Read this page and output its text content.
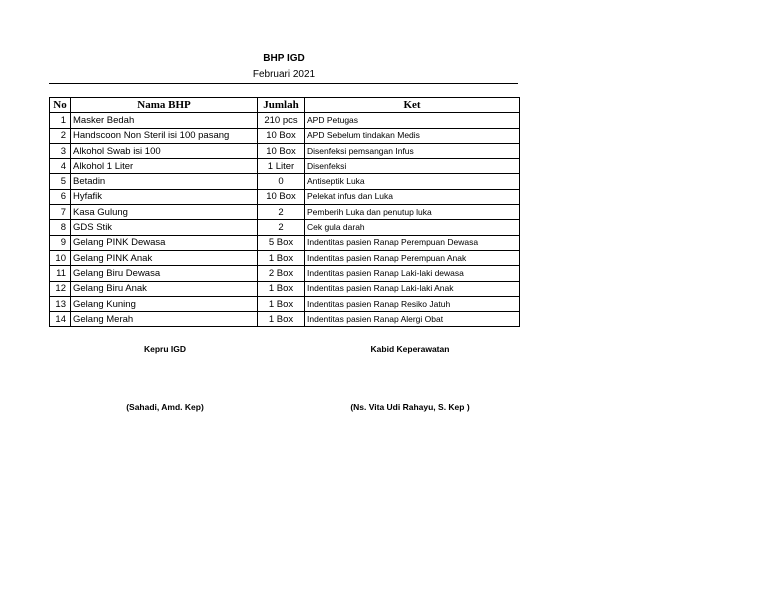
BHP IGD
Februari 2021
No	Nama BHP	Jumlah	Ket
1	Masker Bedah	210 pcs	APD Petugas
2	Handscoon Non Steril isi 100 pasang	10 Box	APD Sebelum tindakan Medis
3	Alkohol Swab isi 100	10 Box	Disenfeksi pemsangan Infus
4	Alkohol 1 Liter	1 Liter	Disenfeksi
5	Betadin	0	Antiseptik Luka
6	Hyfafik	10 Box	Pelekat infus dan Luka
7	Kasa Gulung	2	Pemberih Luka dan penutup luka
8	GDS Stik	2	Cek gula darah
9	Gelang PINK Dewasa	5 Box	Indentitas pasien Ranap Perempuan Dewasa
10	Gelang PINK Anak	1 Box	Indentitas pasien Ranap Perempuan Anak
11	Gelang Biru Dewasa	2 Box	Indentitas pasien Ranap Laki-laki dewasa
12	Gelang Biru Anak	1 Box	Indentitas pasien Ranap Laki-laki Anak
13	Gelang Kuning	1 Box	Indentitas pasien Ranap Resiko Jatuh
14	Gelang Merah	1 Box	Indentitas pasien Ranap Alergi Obat
Kepru IGD	Kabid Keperawatan
(Sahadi, Amd. Kep)	(Ns. Vita Udi Rahayu, S. Kep )
